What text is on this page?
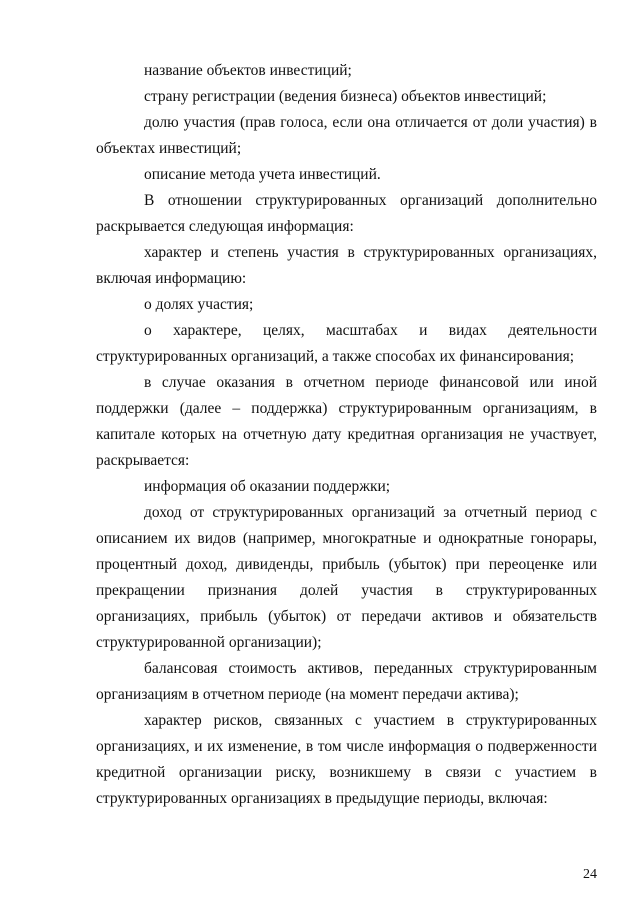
название объектов инвестиций;

страну регистрации (ведения бизнеса) объектов инвестиций;

долю участия (прав голоса, если она отличается от доли участия) в объектах инвестиций;

описание метода учета инвестиций.

В отношении структурированных организаций дополнительно раскрывается следующая информация:

характер и степень участия в структурированных организациях, включая информацию:

о долях участия;

о характере, целях, масштабах и видах деятельности структурированных организаций, а также способах их финансирования;

в случае оказания в отчетном периоде финансовой или иной поддержки (далее – поддержка) структурированным организациям, в капитале которых на отчетную дату кредитная организация не участвует, раскрывается:

информация об оказании поддержки;

доход от структурированных организаций за отчетный период с описанием их видов (например, многократные и однократные гонорары, процентный доход, дивиденды, прибыль (убыток) при переоценке или прекращении признания долей участия в структурированных организациях, прибыль (убыток) от передачи активов и обязательств структурированной организации);

балансовая стоимость активов, переданных структурированным организациям в отчетном периоде (на момент передачи актива);

характер рисков, связанных с участием в структурированных организациях, и их изменение, в том числе информация о подверженности кредитной организации риску, возникшему в связи с участием в структурированных организациях в предыдущие периоды, включая:

24
